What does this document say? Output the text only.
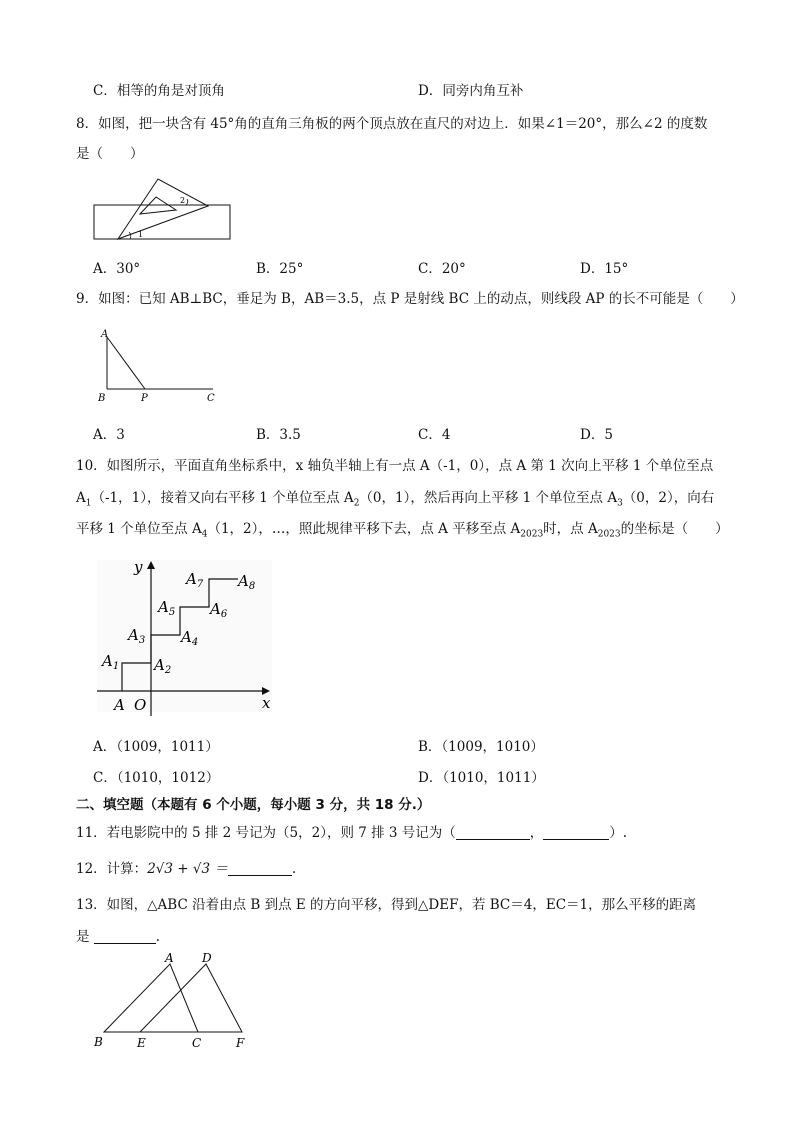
C．相等的角是对顶角	D．同旁内角互补
8．如图，把一块含有 45°角的直角三角板的两个顶点放在直尺的对边上．如果∠1＝20°，那么∠2 的度数
是（　　）
2
1
A．30°	B．25°	C．20°	D．15°
9．如图：已知 AB⊥BC，垂足为 B，AB＝3.5，点 P 是射线 BC 上的动点，则线段 AP 的长不可能是（　　）
A
B	P	C
A．3	B．3.5	C．4	D．5
10．如图所示，平面直角坐标系中，x 轴负半轴上有一点 A（-1，0），点 A 第 1 次向上平移 1 个单位至点
$A_1(-1$，1），接着又向右平移 1 个单位至点 $A_2(0$，1），然后再向上平移 1 个单位至点 $A_3(0$，2），向右
平移 1 个单位至点 $A_4(1$，2），…，照此规律平移下去，点 A 平移至点 $A_{2023}$时，点 $A_{2023}$的坐标是（　　）
y
x
O
A
$A_1$ $A_2$
$A_3$ $A_4$
$A_5$ $A_6$
$A_7$ $A_8$
A．（1009，1011）	B．（1009，1010）
C．（1010，1012）	D．（1010，1011）
二、填空题（本题有 6 个小题，每小题 3 分，共 18 分.）
11．若电影院中的 5 排 2 号记为（5，2），则 7 排 3 号记为（	，	）.
12．计算：2√3 + √3 ＝	.
13．如图，△ABC 沿着由点 B 到点 E 的方向平移，得到△DEF，若 BC＝4，EC＝1，那么平移的距离
是	.
A D
B	E	C	F
